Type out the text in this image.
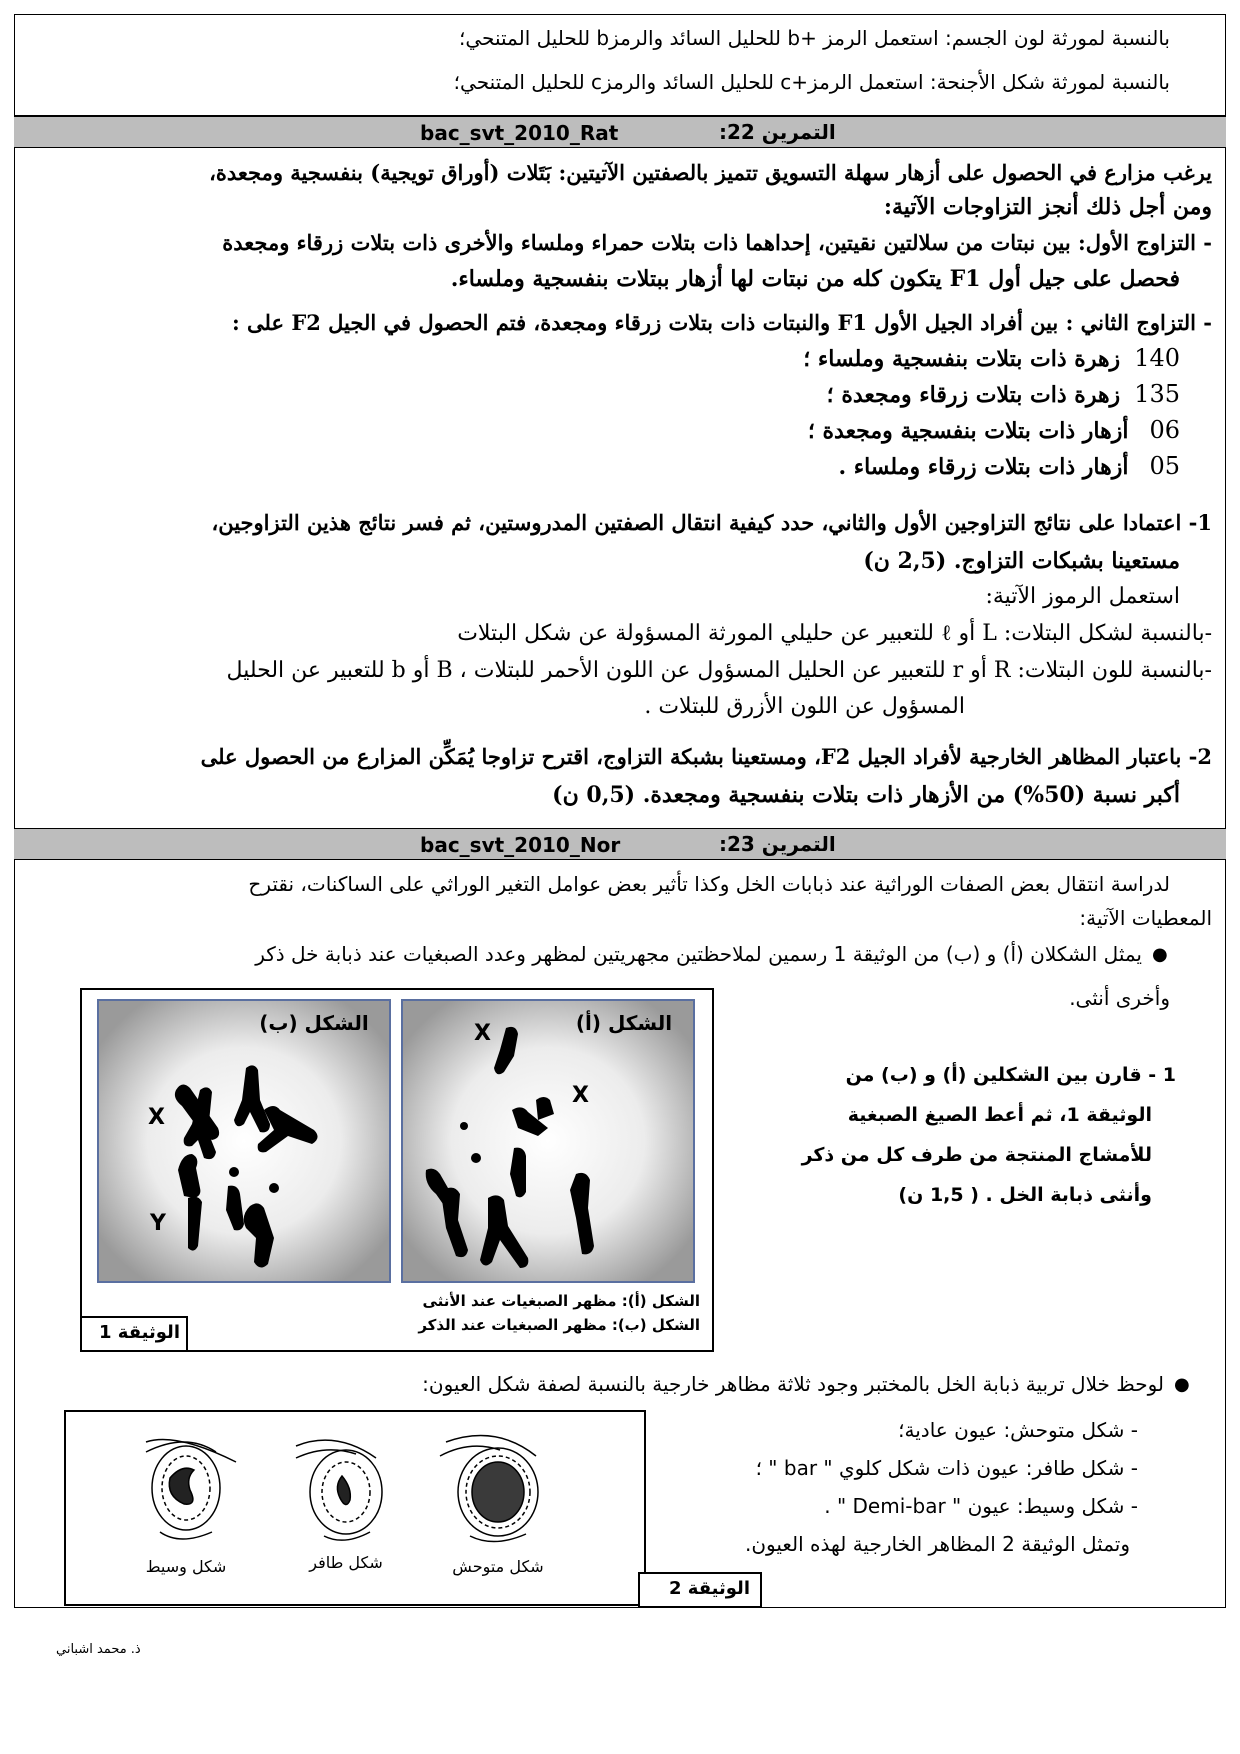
بالنسبة لمورثة لون الجسم: استعمل الرمز +b للحليل السائد والرمزb للحليل المتنحي؛
بالنسبة لمورثة شكل الأجنحة: استعمل الرمز+c للحليل السائد والرمزc للحليل المتنحي؛
bac_svt_2010_Rat	التمرين 22:
يرغب مزارع في الحصول على أزهار سهلة التسويق تتميز بالصفتين الآتيتين: بَتَلات (أوراق تويجية) بنفسجية ومجعدة،
ومن أجل ذلك أنجز التزاوجات الآتية:
- التزاوج الأول: بين نبتات من سلالتين نقيتين، إحداهما ذات بتلات حمراء وملساء والأخرى ذات بتلات زرقاء ومجعدة
فحصل على جيل أول F1 يتكون كله من نبتات لها أزهار ببتلات بنفسجية وملساء.
- التزاوج الثاني : بين أفراد الجيل الأول F1 والنبتات ذات بتلات زرقاء ومجعدة، فتم الحصول في الجيل F2 على :
140  زهرة ذات بتلات بنفسجية وملساء ؛
135  زهرة ذات بتلات زرقاء ومجعدة ؛
06   أزهار ذات بتلات بنفسجية ومجعدة ؛
05   أزهار ذات بتلات زرقاء وملساء .
1- اعتمادا على نتائج التزاوجين الأول والثاني، حدد كيفية انتقال الصفتين المدروستين، ثم فسر نتائج هذين التزاوجين،
مستعينا بشبكات التزاوج. (2,5 ن)
استعمل الرموز الآتية:
-بالنسبة لشكل البتلات: L أو ℓ للتعبير عن حليلي المورثة المسؤولة عن شكل البتلات
-بالنسبة للون البتلات: R أو r للتعبير عن الحليل المسؤول عن اللون الأحمر للبتلات ، B أو b للتعبير عن الحليل
المسؤول عن اللون الأزرق للبتلات .
2- باعتبار المظاهر الخارجية لأفراد الجيل F2، ومستعينا بشبكة التزاوج، اقترح تزاوجا يُمَكِّن المزارع من الحصول على
أكبر نسبة (50%) من الأزهار ذات بتلات بنفسجية ومجعدة. (0,5 ن)
bac_svt_2010_Nor	التمرين 23:
لدراسة انتقال بعض الصفات الوراثية عند ذبابات الخل وكذا تأثير بعض عوامل التغير الوراثي على الساكنات، نقترح
المعطيات الآتية:
●
يمثل الشكلان (أ) و (ب) من الوثيقة 1 رسمين لملاحظتين مجهريتين لمظهر وعدد الصبغيات عند ذبابة خل ذكر
وأخرى أنثى.
الشكل (ب)	الشكل (أ)
X
Y
X
X
الشكل (أ): مظهر الصبغيات عند الأنثى
الشكل (ب): مظهر الصبغيات عند الذكر
الوثيقة 1
1 - قارن بين الشكلين (أ) و (ب) من
الوثيقة 1، ثم أعط الصيغ الصبغية
للأمشاج المنتجة من طرف كل من ذكر
وأنثى ذبابة الخل . ( 1,5 ن)
●
لوحظ خلال تربية ذبابة الخل بالمختبر وجود ثلاثة مظاهر خارجية بالنسبة لصفة شكل العيون:
شكل وسيط	شكل طافر	شكل متوحش
الوثيقة 2
- شكل متوحش: عيون عادية؛
- شكل طافر: عيون ذات شكل كلوي " bar " ؛
- شكل وسيط: عيون " Demi-bar " .
وتمثل الوثيقة 2 المظاهر الخارجية لهذه العيون.
ذ. محمد اشباني
